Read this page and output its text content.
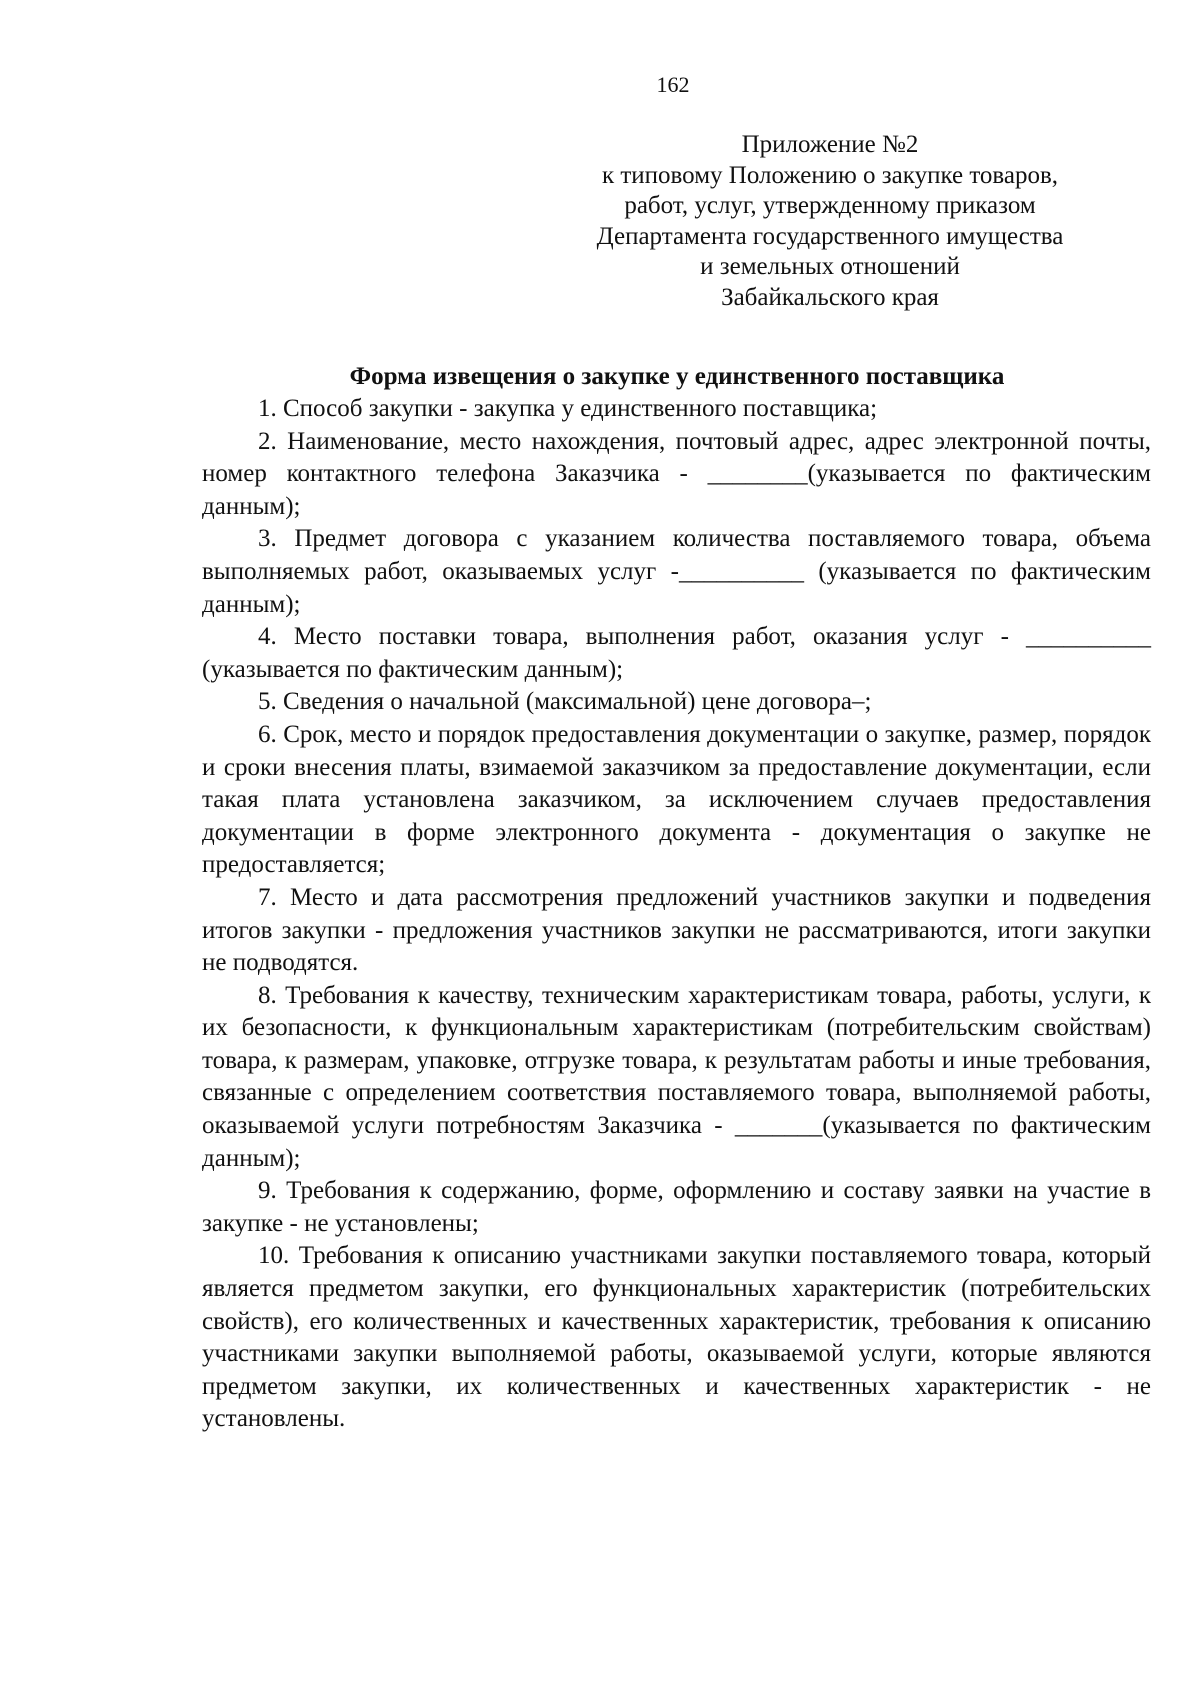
162
Приложение №2
к типовому Положению о закупке товаров,
работ, услуг, утвержденному приказом
Департамента государственного имущества
и земельных отношений
Забайкальского края
Форма извещения о закупке у единственного поставщика

1. Способ закупки - закупка у единственного поставщика;

2. Наименование, место нахождения, почтовый адрес, адрес электронной почты, номер контактного телефона Заказчика - ________(указывается по фактическим данным);

3. Предмет договора с указанием количества поставляемого товара, объема выполняемых работ, оказываемых услуг -__________ (указывается по фактическим данным);

4. Место поставки товара, выполнения работ, оказания услуг - __________ (указывается по фактическим данным);

5. Сведения о начальной (максимальной) цене договора–;

6. Срок, место и порядок предоставления документации о закупке, размер, порядок и сроки внесения платы, взимаемой заказчиком за предоставление документации, если такая плата установлена заказчиком, за исключением случаев предоставления документации в форме электронного документа - документация о закупке не предоставляется;

7. Место и дата рассмотрения предложений участников закупки и подведения итогов закупки - предложения участников закупки не рассматриваются, итоги закупки не подводятся.

8. Требования к качеству, техническим характеристикам товара, работы, услуги, к их безопасности, к функциональным характеристикам (потребительским свойствам) товара, к размерам, упаковке, отгрузке товара, к результатам работы и иные требования, связанные с определением соответствия поставляемого товара, выполняемой работы, оказываемой услуги потребностям Заказчика - _______(указывается по фактическим данным);

9. Требования к содержанию, форме, оформлению и составу заявки на участие в закупке - не установлены;

10. Требования к описанию участниками закупки поставляемого товара, который является предметом закупки, его функциональных характеристик (потребительских свойств), его количественных и качественных характеристик, требования к описанию участниками закупки выполняемой работы, оказываемой услуги, которые являются предметом закупки, их количественных и качественных характеристик - не установлены.
